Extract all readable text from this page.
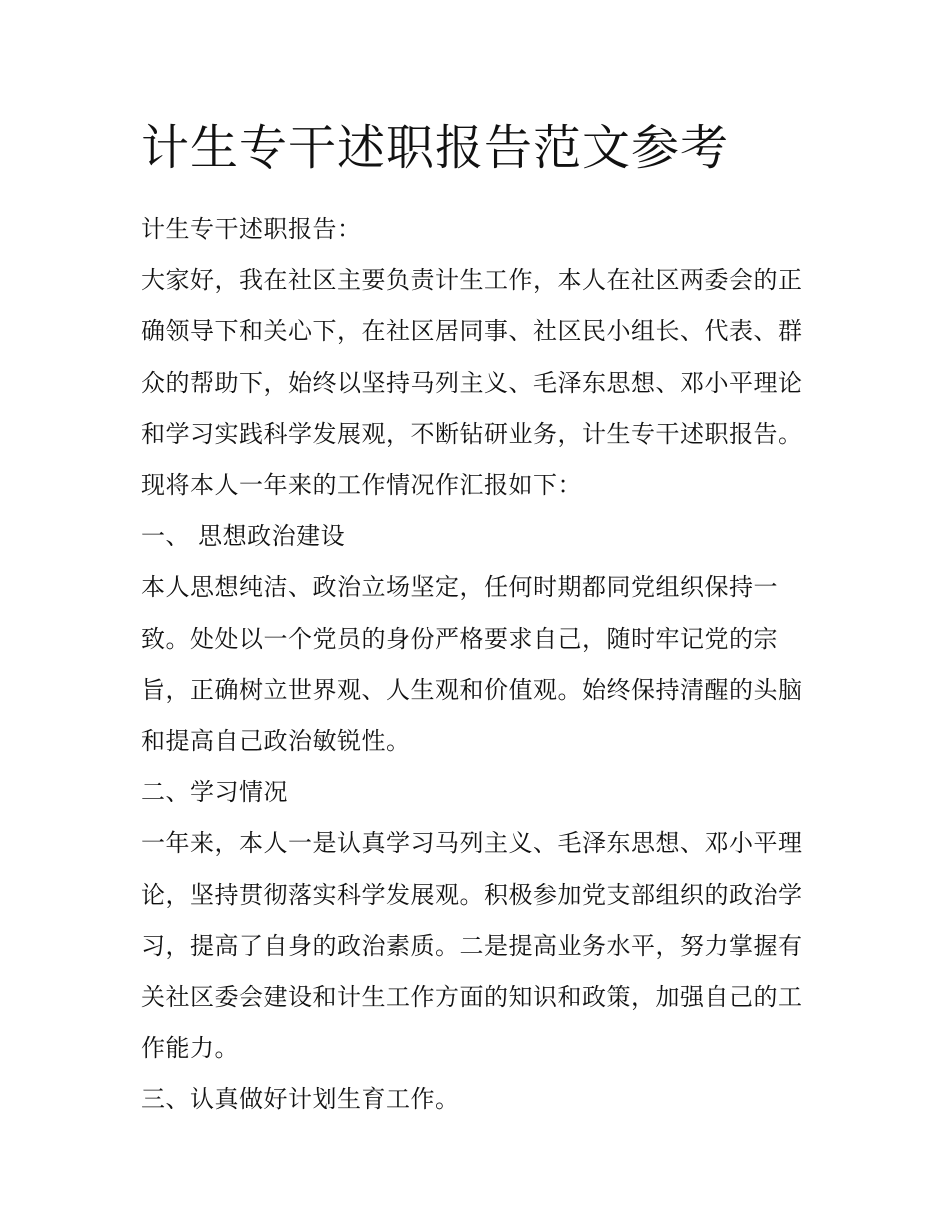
计生专干述职报告范文参考
计生专干述职报告：
大家好，我在社区主要负责计生工作，本人在社区两委会的正
确领导下和关心下，在社区居同事、社区民小组长、代表、群
众的帮助下，始终以坚持马列主义、毛泽东思想、邓小平理论
和学习实践科学发展观，不断钻研业务，计生专干述职报告。
现将本人一年来的工作情况作汇报如下：
一、 思想政治建设
本人思想纯洁、政治立场坚定，任何时期都同党组织保持一
致。处处以一个党员的身份严格要求自己，随时牢记党的宗
旨，正确树立世界观、人生观和价值观。始终保持清醒的头脑
和提高自己政治敏锐性。
二、学习情况
一年来，本人一是认真学习马列主义、毛泽东思想、邓小平理
论，坚持贯彻落实科学发展观。积极参加党支部组织的政治学
习，提高了自身的政治素质。二是提高业务水平，努力掌握有
关社区委会建设和计生工作方面的知识和政策，加强自己的工
作能力。
三、认真做好计划生育工作。
